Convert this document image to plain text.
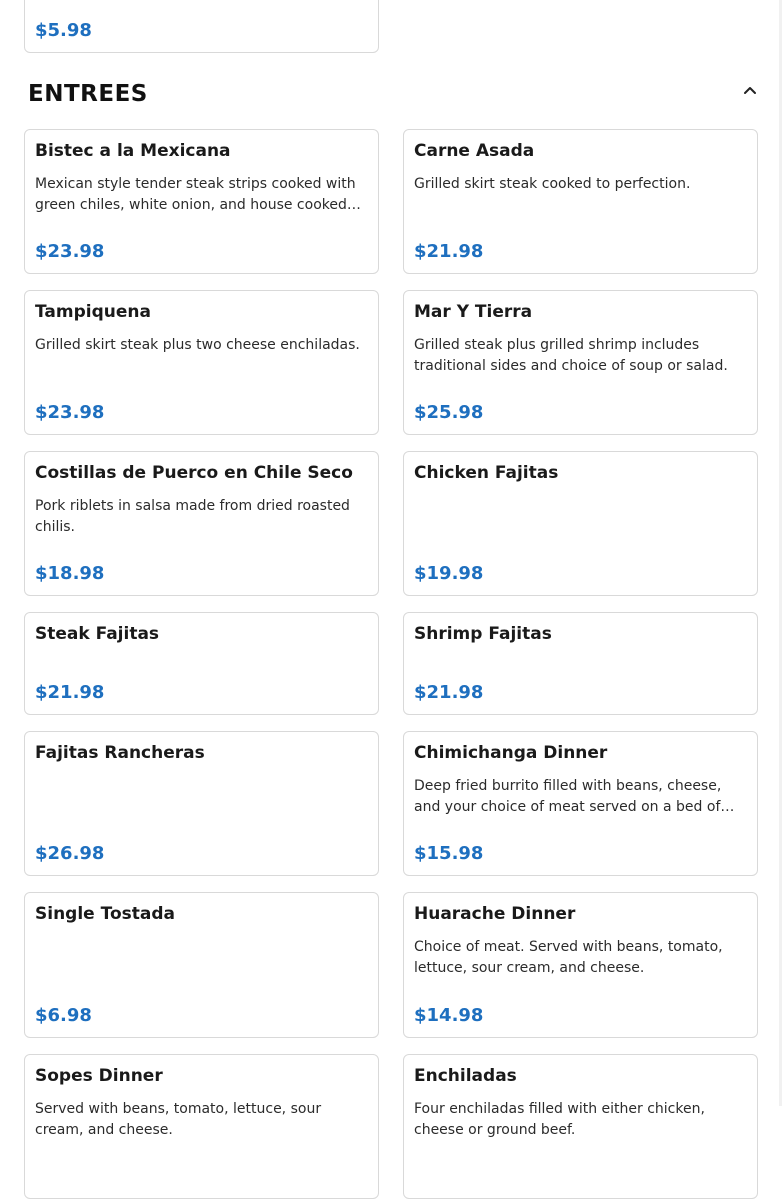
$5.98
ENTREES
Bistec a la Mexicana
Mexican style tender steak strips cooked with green chiles, white onion, and house cooked…
$23.98
Carne Asada
Grilled skirt steak cooked to perfection.
$21.98
Tampiquena
Grilled skirt steak plus two cheese enchiladas.
$23.98
Mar Y Tierra
Grilled steak plus grilled shrimp includes traditional sides and choice of soup or salad.
$25.98
Costillas de Puerco en Chile Seco
Pork riblets in salsa made from dried roasted chilis.
$18.98
Chicken Fajitas
$19.98
Steak Fajitas
$21.98
Shrimp Fajitas
$21.98
Fajitas Rancheras
$26.98
Chimichanga Dinner
Deep fried burrito filled with beans, cheese, and your choice of meat served on a bed of…
$15.98
Single Tostada
$6.98
Huarache Dinner
Choice of meat. Served with beans, tomato, lettuce, sour cream, and cheese.
$14.98
Sopes Dinner
Served with beans, tomato, lettuce, sour cream, and cheese.
Enchiladas
Four enchiladas filled with either chicken, cheese or ground beef.
